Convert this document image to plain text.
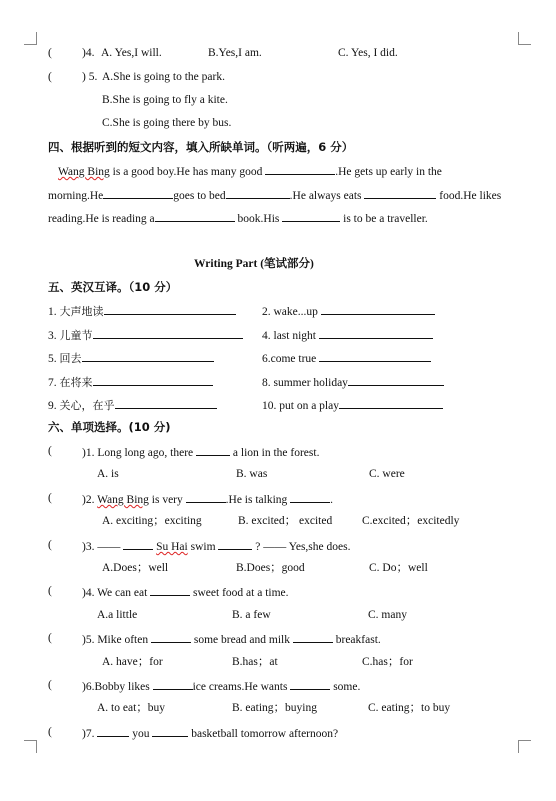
(	)4. A. Yes,I will.	B.Yes,I am.	C. Yes, I did.
(	) 5. A.She is going to the park.
B.She is going to fly a kite.
C.She is going there by bus.
四、根据听到的短文内容，填入所缺单词。（听两遍，6 分）
Wang Bing is a good boy.He has many good	.He gets up early in the
morning.He	goes to bed	.He always eats	food.He likes
reading.He is reading a	book.His	is to be a traveller.
Writing Part (笔试部分)
五、英汉互译。（10 分）
1. 大声地读	2. wake...up
3. 儿童节	4. last night
5. 回去	6.come true
7. 在将来	8. summer holiday
9. 关心，在乎	10. put on a play
六、单项选择。(10 分)
(	)1. Long long ago, there	a lion in the forest.
A. is	B. was	C. were
(	)2. Wang Bing is very	.He is talking	.
A. exciting；exciting	B. excited； excited	C.excited；excitedly
(	)3. ——	Su Hai swim	? —— Yes,she does.
A.Does；well	B.Does；good	C. Do；well
(	)4. We can eat	sweet food at a time.
A.a little	B. a few	C. many
(	)5. Mike often	some bread and milk	breakfast.
A. have；for	B.has；at	C.has；for
(	)6.Bobby likes	ice creams.He wants	some.
A. to eat；buy	B. eating；buying	C. eating；to buy
(	)7.	you	basketball tomorrow afternoon?
